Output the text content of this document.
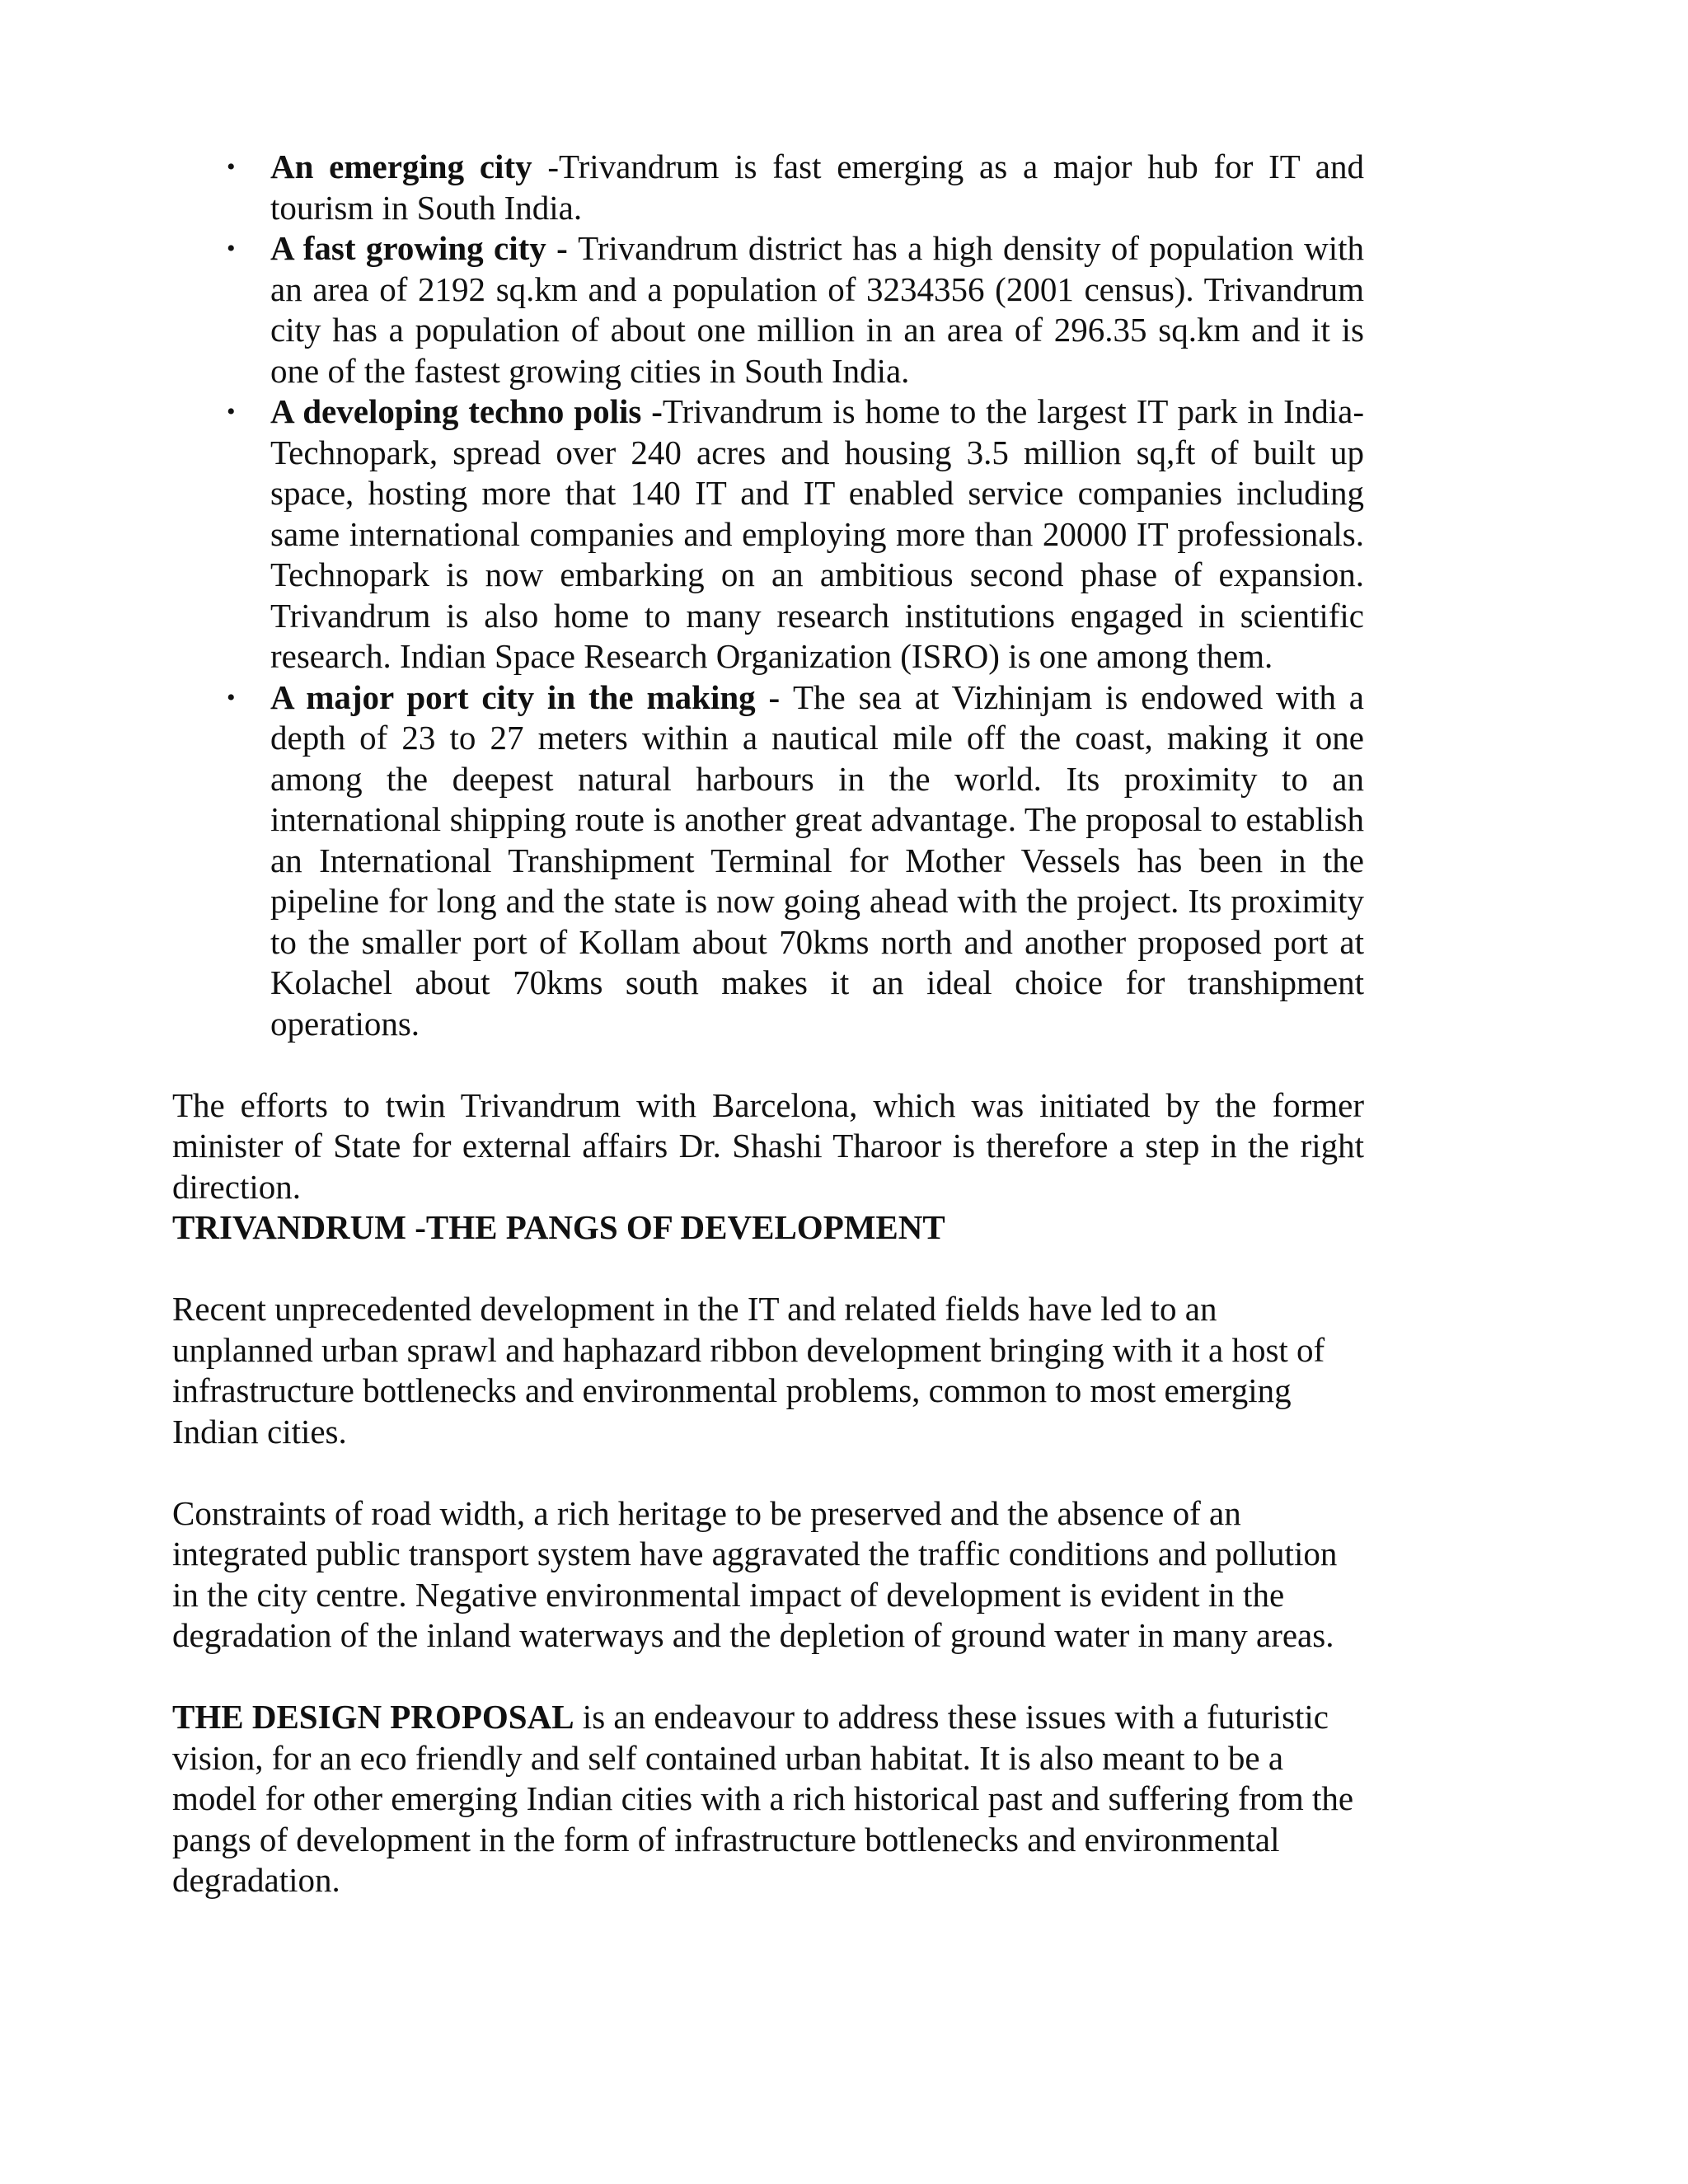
• An emerging city -Trivandrum is fast emerging as a major hub for IT and tourism in South India.
• A fast growing city - Trivandrum district has a high density of population with an area of 2192 sq.km and a population of 3234356 (2001 census). Trivandrum city has a population of about one million in an area of 296.35 sq.km and it is one of the fastest growing cities in South India.
• A developing techno polis -Trivandrum is home to the largest IT park in India- Technopark, spread over 240 acres and housing 3.5 million sq,ft of built up space, hosting more that 140 IT and IT enabled service companies including same international companies and employing more than 20000 IT professionals. Technopark is now embarking on an ambitious second phase of expansion. Trivandrum is also home to many research institutions engaged in scientific research. Indian Space Research Organization (ISRO) is one among them.
• A major port city in the making - The sea at Vizhinjam is endowed with a depth of 23 to 27 meters within a nautical mile off the coast, making it one among the deepest natural harbours in the world. Its proximity to an international shipping route is another great advantage. The proposal to establish an International Transhipment Terminal for Mother Vessels has been in the pipeline for long and the state is now going ahead with the project. Its proximity to the smaller port of Kollam about 70kms north and another proposed port at Kolachel about 70kms south makes it an ideal choice for transhipment operations.

The efforts to twin Trivandrum with Barcelona, which was initiated by the former minister of State for external affairs Dr. Shashi Tharoor is therefore a step in the right direction.

TRIVANDRUM -THE PANGS OF DEVELOPMENT

Recent unprecedented development in the IT and related fields have led to an unplanned urban sprawl and haphazard ribbon development bringing with it a host of infrastructure bottlenecks and environmental problems, common to most emerging Indian cities.

Constraints of road width, a rich heritage to be preserved and the absence of an integrated public transport system have aggravated the traffic conditions and pollution in the city centre. Negative environmental impact of development is evident in the degradation of the inland waterways and the depletion of ground water in many areas.

THE DESIGN PROPOSAL is an endeavour to address these issues with a futuristic vision, for an eco friendly and self contained urban habitat. It is also meant to be a model for other emerging Indian cities with a rich historical past and suffering from the pangs of development in the form of infrastructure bottlenecks and environmental degradation.
